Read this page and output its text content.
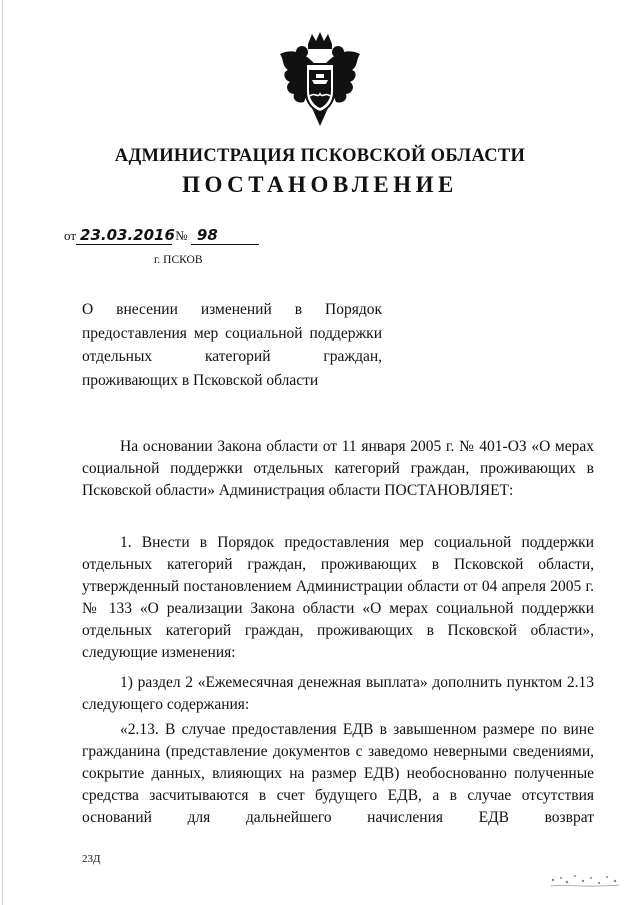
АДМИНИСТРАЦИЯ ПСКОВСКОЙ ОБЛАСТИ
ПОСТАНОВЛЕНИЕ
от 23.03.2016 № 98
г. ПСКОВ
О внесении изменений в Порядок предоставления мер социальной поддержки отдельных категорий граждан, проживающих в Псковской области

На основании Закона области от 11 января 2005 г. № 401-ОЗ «О мерах социальной поддержки отдельных категорий граждан, проживающих в Псковской области» Администрация области ПОСТАНОВЛЯЕТ:

1. Внести в Порядок предоставления мер социальной поддержки отдельных категорий граждан, проживающих в Псковской области, утвержденный постановлением Администрации области от 04 апреля 2005 г. № 133 «О реализации Закона области «О мерах социальной поддержки отдельных категорий граждан, проживающих в Псковской области», следующие изменения:

1) раздел 2 «Ежемесячная денежная выплата» дополнить пунктом 2.13 следующего содержания:

«2.13. В случае предоставления ЕДВ в завышенном размере по вине гражданина (представление документов с заведомо неверными сведениями, сокрытие данных, влияющих на размер ЕДВ) необоснованно полученные средства засчитываются в счет будущего ЕДВ, а в случае отсутствия оснований для дальнейшего начисления ЕДВ возврат

23Д
